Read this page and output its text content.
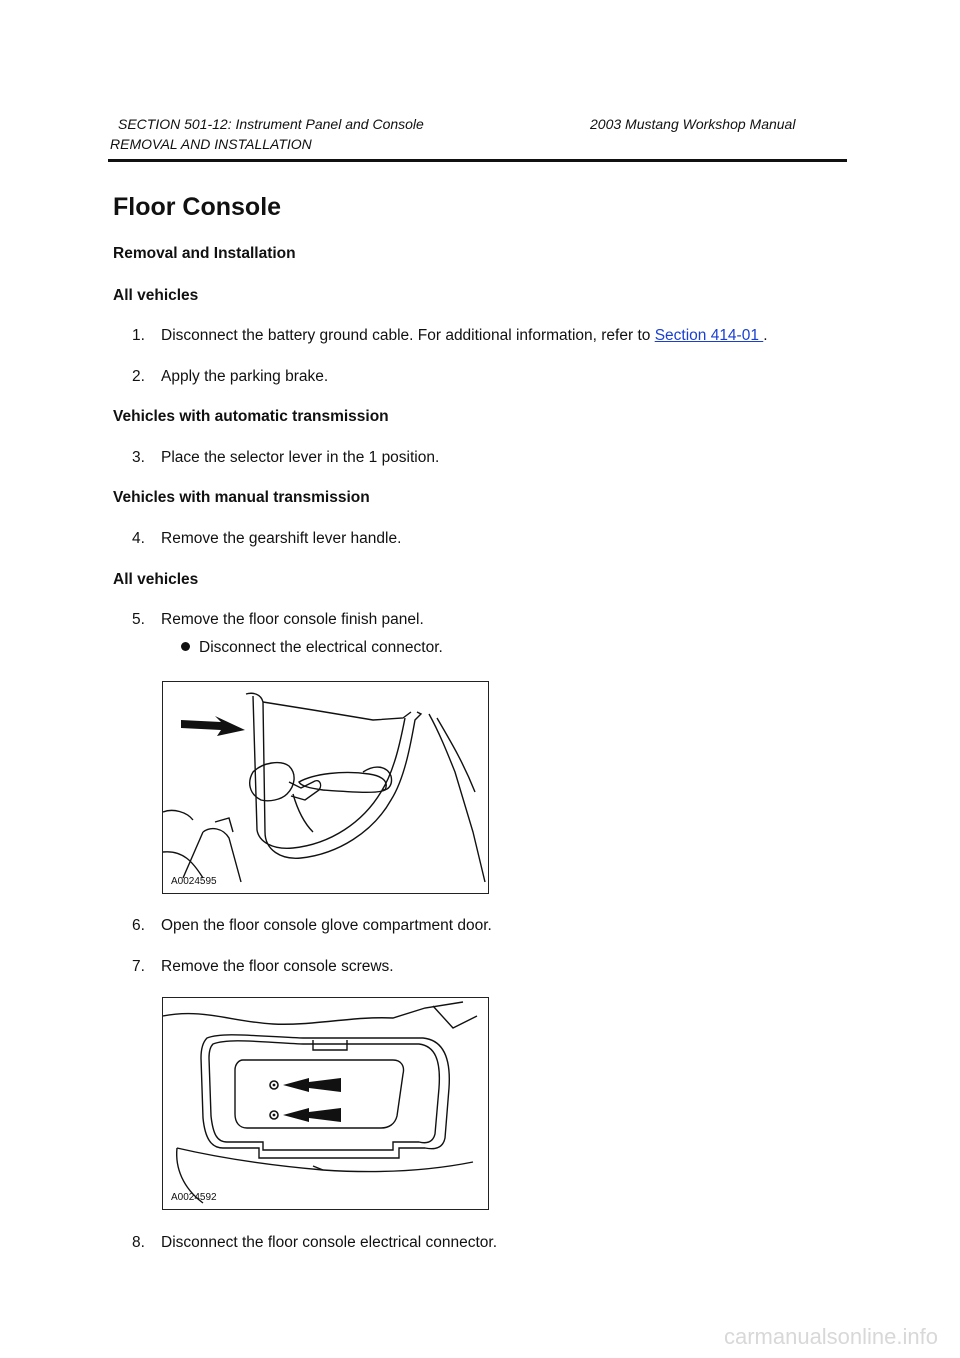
SECTION 501-12: Instrument Panel and Console	2003 Mustang Workshop Manual
REMOVAL AND INSTALLATION
Floor Console
Removal and Installation
All vehicles
1. Disconnect the battery ground cable. For additional information, refer to Section 414-01 .
2. Apply the parking brake.
Vehicles with automatic transmission
3. Place the selector lever in the 1 position.
Vehicles with manual transmission
4. Remove the gearshift lever handle.
All vehicles
5. Remove the floor console finish panel.
Disconnect the electrical connector.
A0024595
6. Open the floor console glove compartment door.
7. Remove the floor console screws.
A0024592
8. Disconnect the floor console electrical connector.
carmanualsonline.info
